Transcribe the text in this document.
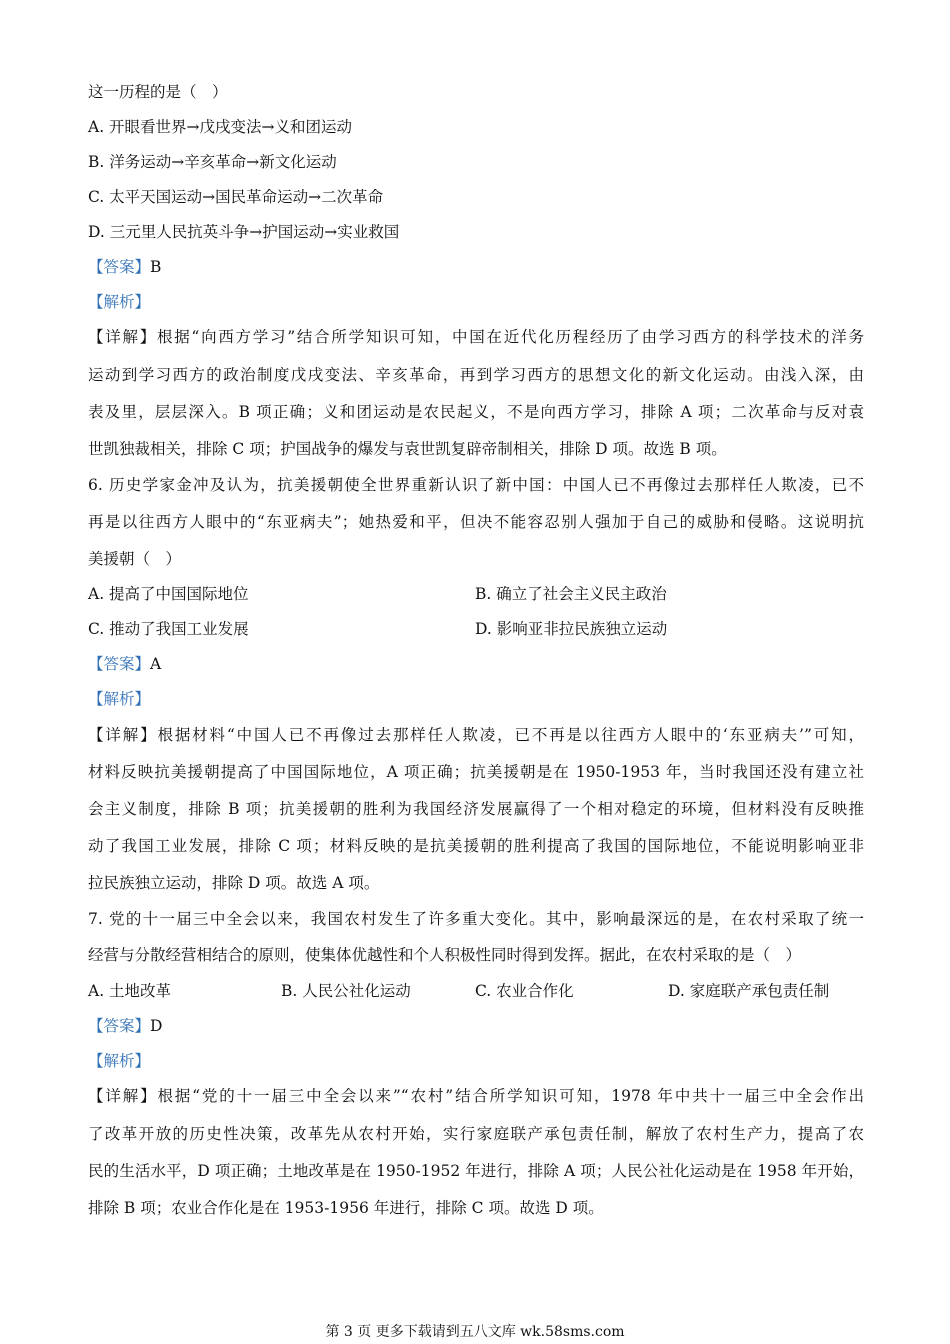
这一历程的是（　）
A. 开眼看世界→戊戌变法→义和团运动
B. 洋务运动→辛亥革命→新文化运动
C. 太平天国运动→国民革命运动→二次革命
D. 三元里人民抗英斗争→护国运动→实业救国
【答案】B
【解析】
【详解】根据“向西方学习”结合所学知识可知，中国在近代化历程经历了由学习西方的科学技术的洋务
运动到学习西方的政治制度戊戌变法、辛亥革命，再到学习西方的思想文化的新文化运动。由浅入深，由
表及里，层层深入。B 项正确；义和团运动是农民起义，不是向西方学习，排除 A 项；二次革命与反对袁
世凯独裁相关，排除 C 项；护国战争的爆发与袁世凯复辟帝制相关，排除 D 项。故选 B 项。
6. 历史学家金冲及认为，抗美援朝使全世界重新认识了新中国：中国人已不再像过去那样任人欺凌，已不
再是以往西方人眼中的“东亚病夫”；她热爱和平，但决不能容忍别人强加于自己的威胁和侵略。这说明抗
美援朝（　）
A. 提高了中国国际地位	B. 确立了社会主义民主政治
C. 推动了我国工业发展	D. 影响亚非拉民族独立运动
【答案】A
【解析】
【详解】根据材料“中国人已不再像过去那样任人欺凌，已不再是以往西方人眼中的‘东亚病夫’”可知，
材料反映抗美援朝提高了中国国际地位，A 项正确；抗美援朝是在 1950-1953 年，当时我国还没有建立社
会主义制度，排除 B 项；抗美援朝的胜利为我国经济发展赢得了一个相对稳定的环境，但材料没有反映推
动了我国工业发展，排除 C 项；材料反映的是抗美援朝的胜利提高了我国的国际地位，不能说明影响亚非
拉民族独立运动，排除 D 项。故选 A 项。
7. 党的十一届三中全会以来，我国农村发生了许多重大变化。其中，影响最深远的是，在农村采取了统一
经营与分散经营相结合的原则，使集体优越性和个人积极性同时得到发挥。据此，在农村采取的是（　）
A. 土地改革	B. 人民公社化运动	C. 农业合作化	D. 家庭联产承包责任制
【答案】D
【解析】
【详解】根据“党的十一届三中全会以来”“农村”结合所学知识可知，1978 年中共十一届三中全会作出
了改革开放的历史性决策，改革先从农村开始，实行家庭联产承包责任制，解放了农村生产力，提高了农
民的生活水平，D 项正确；土地改革是在 1950-1952 年进行，排除 A 项；人民公社化运动是在 1958 年开始，
排除 B 项；农业合作化是在 1953-1956 年进行，排除 C 项。故选 D 项。
第 3 页 更多下载请到五八文库 wk.58sms.com
